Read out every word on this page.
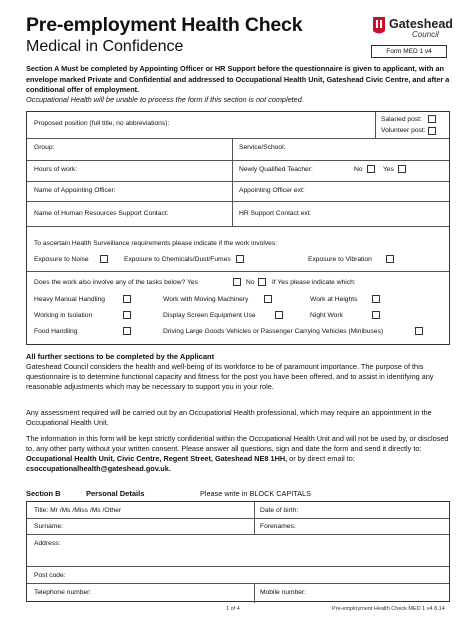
Pre-employment Health Check
Medical in Confidence
Gateshead
Council
Form MED 1 v4
Section A Must be completed by Appointing Officer or HR Support before the questionnaire is given to applicant, with an envelope marked Private and Confidential and addressed to Occupational Health Unit, Gateshead Civic Centre, and after a conditional offer of employment.
Occupational Health will be unable to process the form if this section is not completed.
Proposed position (full title, no abbreviations):
Salaried post:
Volunteer post:
Group:	Service/School:
Hours of work:	Newly Qualified Teacher:	No	Yes
Name of Appointing Officer:	Appointing Officer ext:
Name of Human Resources Support Contact:	HR Support Contact ext:
To ascertain Health Surveillance requirements please indicate if the work involves:
Exposure to Noise	Exposure to Chemicals/Dust/Fumes	Exposure to Vibration
Does the work also involve any of the tasks below? Yes	No	If Yes please indicate which:
Heavy Manual Handling	Work with Moving Machinery	Work at Heights
Working in Isolation	Display Screen Equipment Use	Night Work
Food Handling	Driving Large Goods Vehicles or Passenger Carrying Vehicles (Minibuses)
All further sections to be completed by the Applicant
Gateshead Council considers the health and well-being of its workforce to be of paramount importance. The purpose of this questionnaire is to determine functional capacity and fitness for the post you have been offered, and to assist in identifying any reasonable adjustments which may be necessary to support you in your role.
Any assessment required will be carried out by an Occupational Health professional, which may require an appointment in the Occupational Health Unit.
The information in this form will be kept strictly confidential within the Occupational Health Unit and will not be used by, or disclosed to, any other party without your written consent. Please answer all questions, sign and date the form and send it directly to: Occupational Health Unit, Civic Centre, Regent Street, Gateshead NE8 1HH, or by direct email to: csoccupationalhealth@gateshead.gov.uk.
Section B	Personal Details	Please write in BLOCK CAPITALS
Title: Mr /Ms /Miss /Ms /Other	Date of birth:
Surname:	Forenames:
Address:
Post code:
Telephone number:	Mobile number:
1 of 4	Pre-employment Health Check MED 1 v4 8.14
